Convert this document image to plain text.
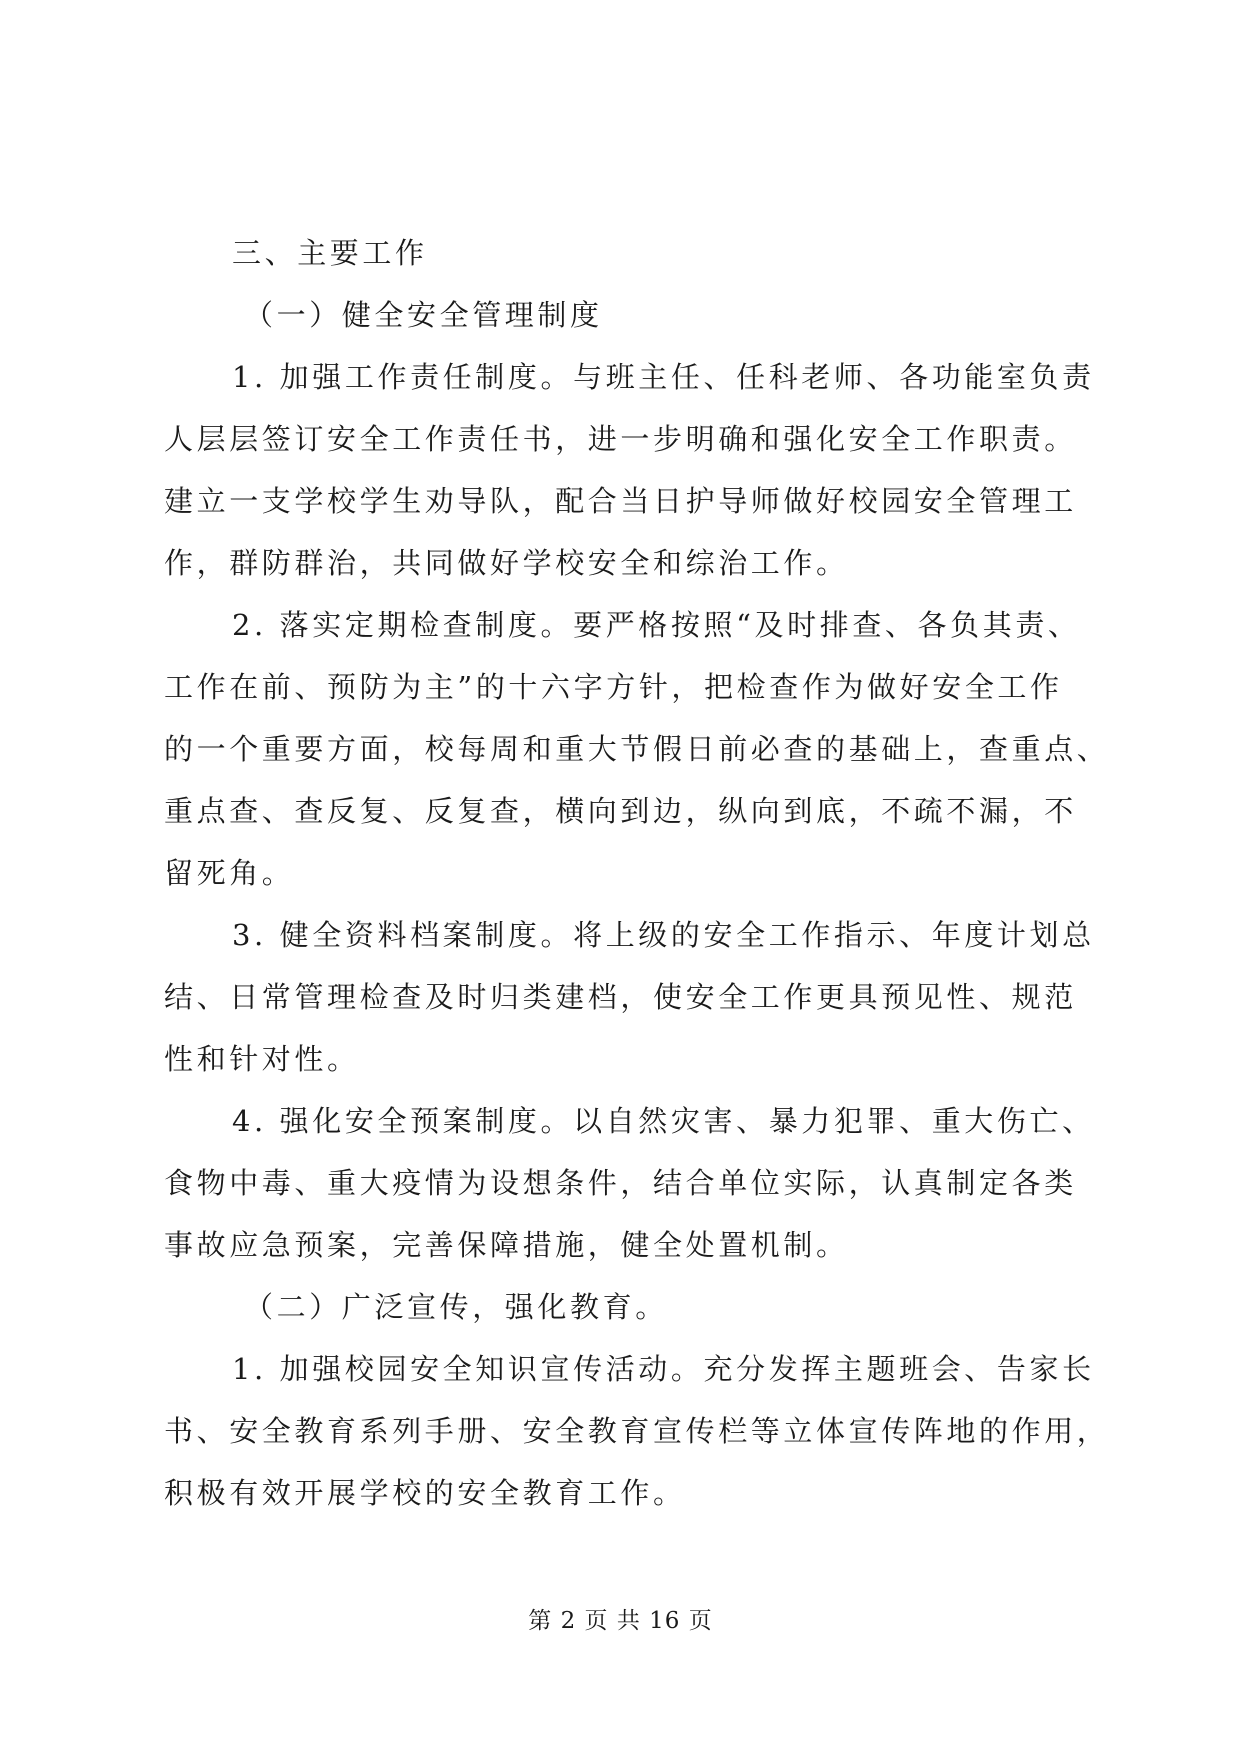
三、主要工作
（一）健全安全管理制度
1. 加强工作责任制度。与班主任、任科老师、各功能室负责
人层层签订安全工作责任书，进一步明确和强化安全工作职责。
建立一支学校学生劝导队，配合当日护导师做好校园安全管理工
作，群防群治，共同做好学校安全和综治工作。
2. 落实定期检查制度。要严格按照“及时排查、各负其责、
工作在前、预防为主”的十六字方针，把检查作为做好安全工作
的一个重要方面，校每周和重大节假日前必查的基础上，查重点、
重点查、查反复、反复查，横向到边，纵向到底，不疏不漏，不
留死角。
3. 健全资料档案制度。将上级的安全工作指示、年度计划总
结、日常管理检查及时归类建档，使安全工作更具预见性、规范
性和针对性。
4. 强化安全预案制度。以自然灾害、暴力犯罪、重大伤亡、
食物中毒、重大疫情为设想条件，结合单位实际，认真制定各类
事故应急预案，完善保障措施，健全处置机制。
（二）广泛宣传，强化教育。
1. 加强校园安全知识宣传活动。充分发挥主题班会、告家长
书、安全教育系列手册、安全教育宣传栏等立体宣传阵地的作用，
积极有效开展学校的安全教育工作。
第 2 页 共 16 页
